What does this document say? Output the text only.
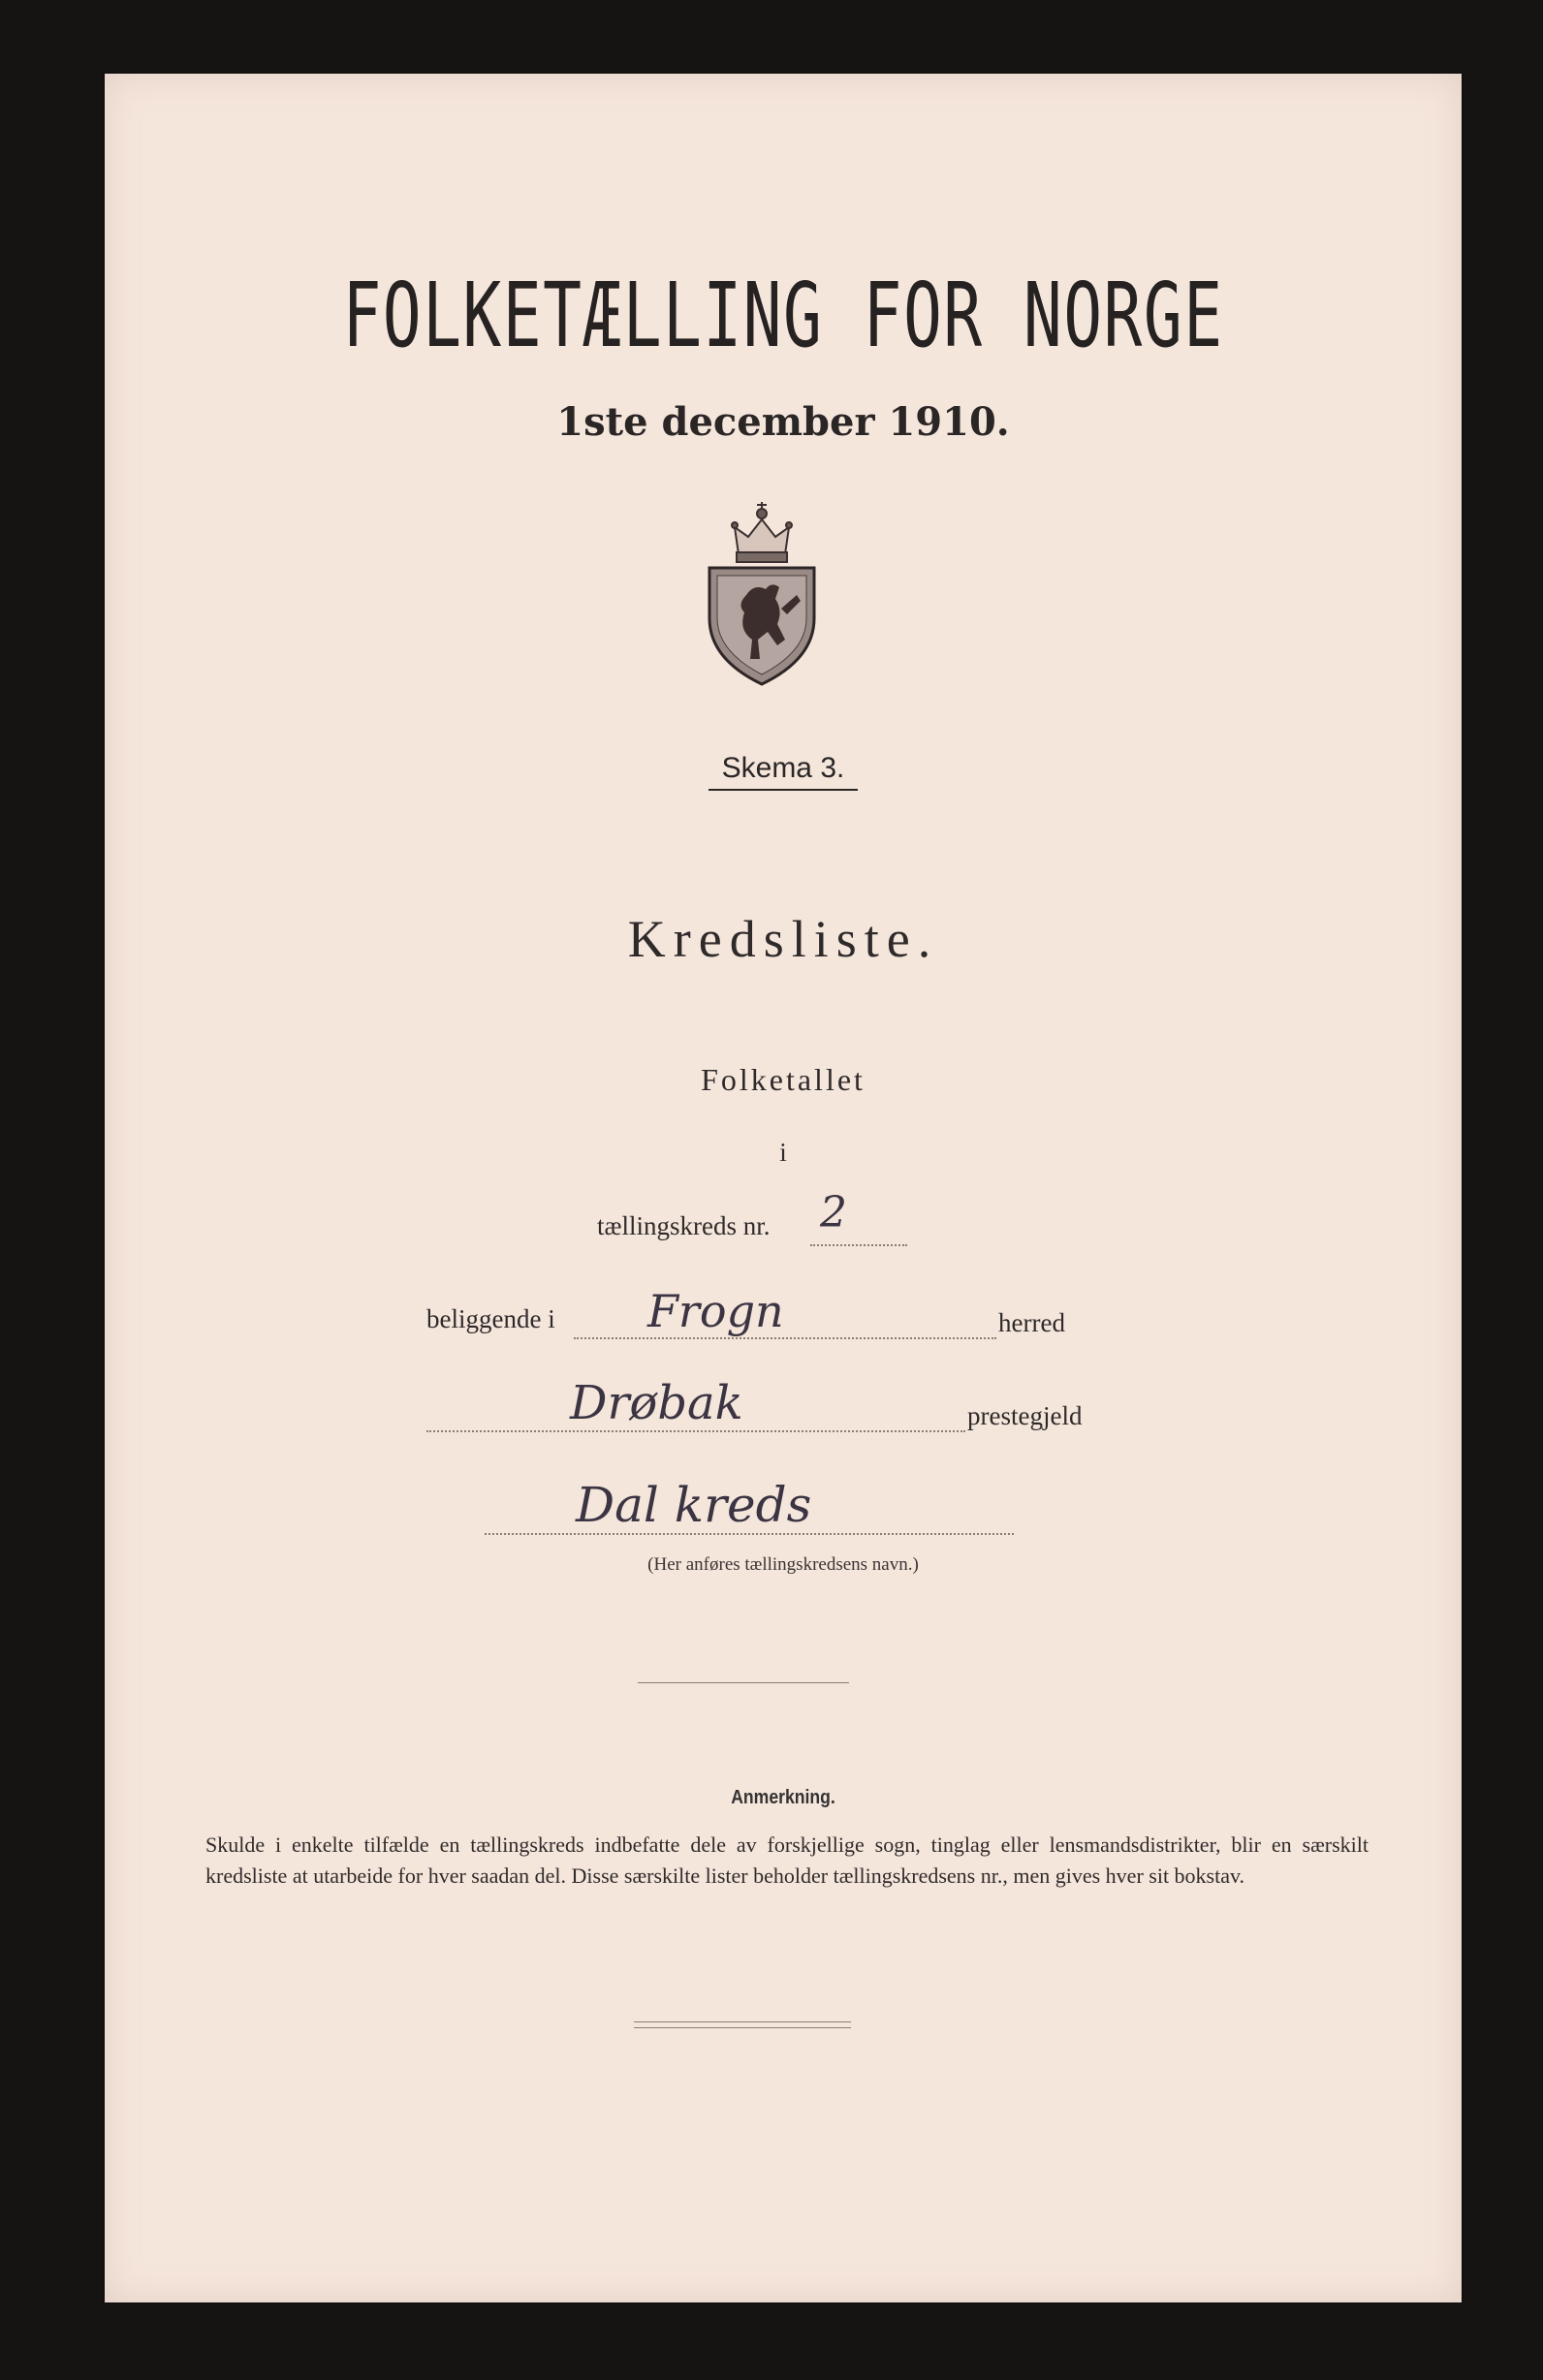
FOLKETÆLLING FOR NORGE
1ste december 1910.
Skema 3.
Kredsliste.
Folketallet
i
tællingskreds nr. 2
beliggende i Frogn	herred
Drøbak	prestegjeld
Dal kreds
(Her anføres tællingskredsens navn.)
Anmerkning.
Skulde i enkelte tilfælde en tællingskreds indbefatte dele av forskjellige sogn, tinglag eller lensmandsdistrikter, blir en særskilt kredsliste at utarbeide for hver saadan del. Disse særskilte lister beholder tællingskredsens nr., men gives hver sit bokstav.
